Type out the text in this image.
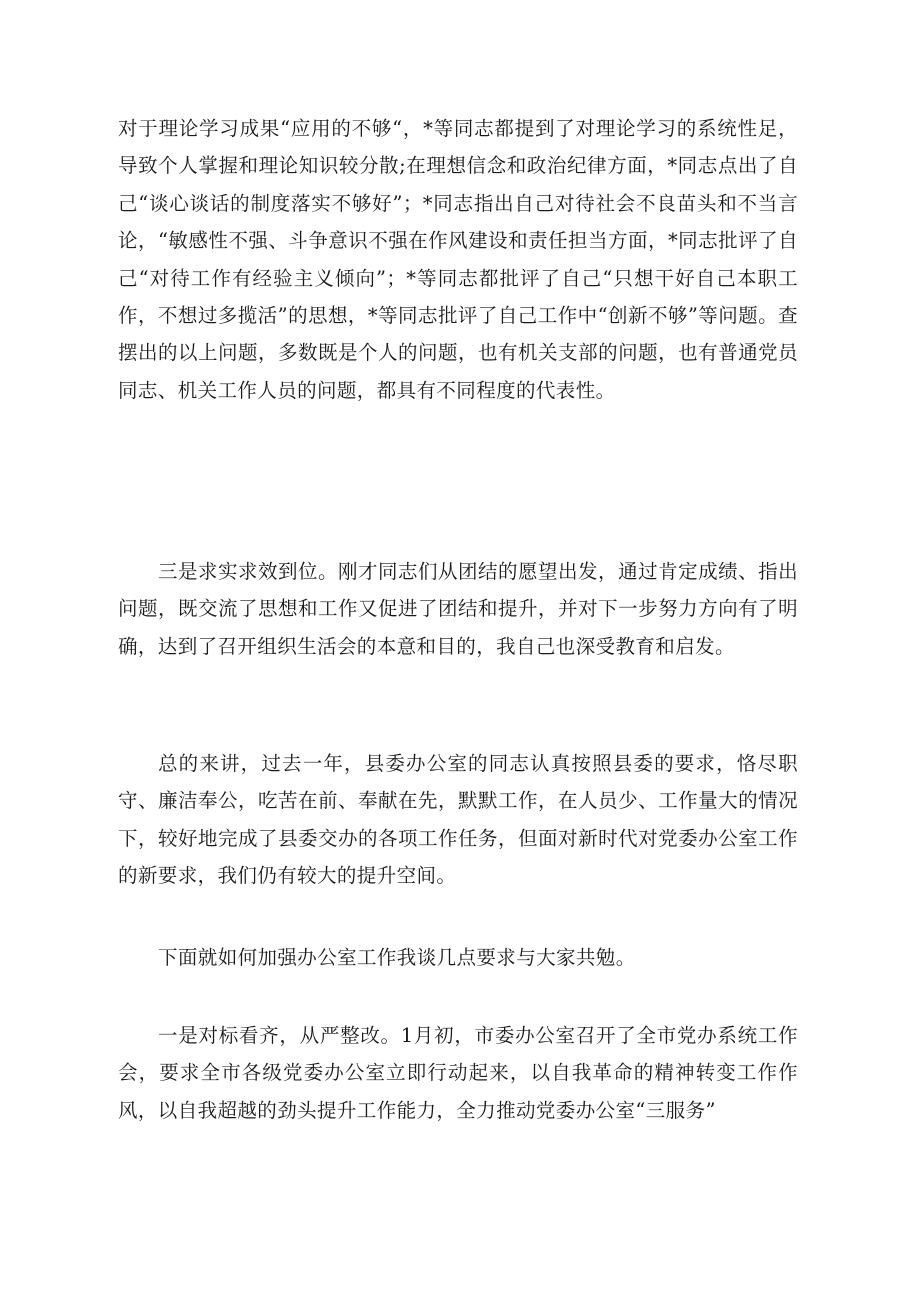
对于理论学习成果“应用的不够“，*等同志都提到了对理论学习的系统性足，导致个人掌握和理论知识较分散;在理想信念和政治纪律方面，*同志点出了自己“谈心谈话的制度落实不够好”；*同志指出自己对待社会不良苗头和不当言论，“敏感性不强、斗争意识不强在作风建设和责任担当方面，*同志批评了自己“对待工作有经验主义倾向”；*等同志都批评了自己“只想干好自己本职工作，不想过多揽活”的思想，*等同志批评了自己工作中“创新不够”等问题。查摆出的以上问题，多数既是个人的问题，也有机关支部的问题，也有普通党员同志、机关工作人员的问题，都具有不同程度的代表性。

三是求实求效到位。刚才同志们从团结的愿望出发，通过肯定成绩、指出问题，既交流了思想和工作又促进了团结和提升，并对下一步努力方向有了明确，达到了召开组织生活会的本意和目的，我自己也深受教育和启发。

总的来讲，过去一年，县委办公室的同志认真按照县委的要求，恪尽职守、廉洁奉公，吃苦在前、奉献在先，默默工作，在人员少、工作量大的情况下，较好地完成了县委交办的各项工作任务，但面对新时代对党委办公室工作的新要求，我们仍有较大的提升空间。

下面就如何加强办公室工作我谈几点要求与大家共勉。

一是对标看齐，从严整改。1月初，市委办公室召开了全市党办系统工作会，要求全市各级党委办公室立即行动起来，以自我革命的精神转变工作作风，以自我超越的劲头提升工作能力，全力推动党委办公室“三服务”
